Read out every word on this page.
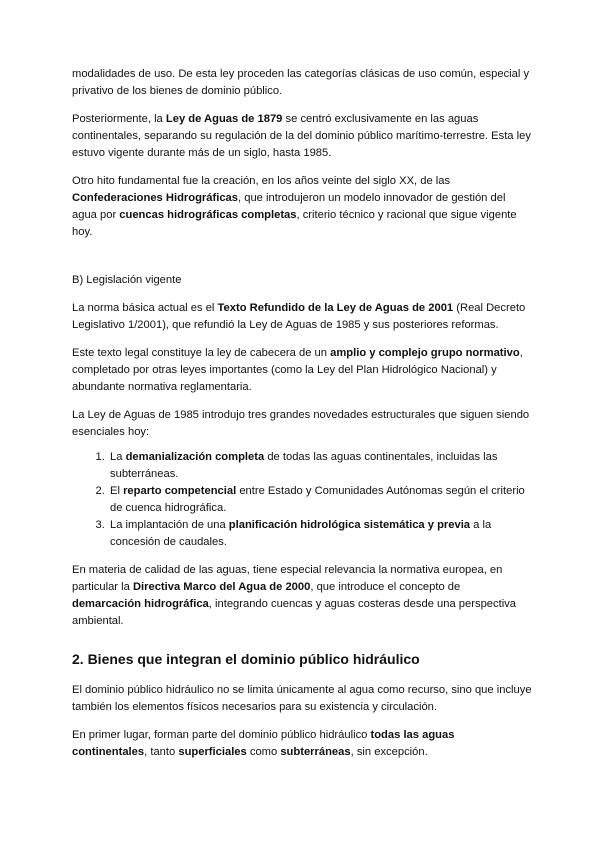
modalidades de uso. De esta ley proceden las categorías clásicas de uso común, especial y privativo de los bienes de dominio público.

Posteriormente, la Ley de Aguas de 1879 se centró exclusivamente en las aguas continentales, separando su regulación de la del dominio público marítimo-terrestre. Esta ley estuvo vigente durante más de un siglo, hasta 1985.

Otro hito fundamental fue la creación, en los años veinte del siglo XX, de las Confederaciones Hidrográficas, que introdujeron un modelo innovador de gestión del agua por cuencas hidrográficas completas, criterio técnico y racional que sigue vigente hoy.

B) Legislación vigente

La norma básica actual es el Texto Refundido de la Ley de Aguas de 2001 (Real Decreto Legislativo 1/2001), que refundió la Ley de Aguas de 1985 y sus posteriores reformas.

Este texto legal constituye la ley de cabecera de un amplio y complejo grupo normativo, completado por otras leyes importantes (como la Ley del Plan Hidrológico Nacional) y abundante normativa reglamentaria.

La Ley de Aguas de 1985 introdujo tres grandes novedades estructurales que siguen siendo esenciales hoy:

1. La demanialización completa de todas las aguas continentales, incluidas las subterráneas.
2. El reparto competencial entre Estado y Comunidades Autónomas según el criterio de cuenca hidrográfica.
3. La implantación de una planificación hidrológica sistemática y previa a la concesión de caudales.

En materia de calidad de las aguas, tiene especial relevancia la normativa europea, en particular la Directiva Marco del Agua de 2000, que introduce el concepto de demarcación hidrográfica, integrando cuencas y aguas costeras desde una perspectiva ambiental.

2. Bienes que integran el dominio público hidráulico

El dominio público hidráulico no se limita únicamente al agua como recurso, sino que incluye también los elementos físicos necesarios para su existencia y circulación.

En primer lugar, forman parte del dominio público hidráulico todas las aguas continentales, tanto superficiales como subterráneas, sin excepción.
